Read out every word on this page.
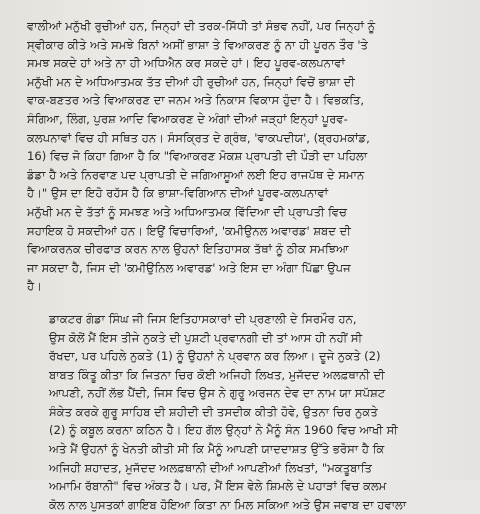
ਵਾਲੀਆਂ ਮਨੁੱਖੀ ਰੁਚੀਆਂ ਹਨ, ਜਿਨ੍ਹਾਂ ਦੀ ਤਰਕ-ਸਿੱਧੀ ਤਾਂ ਸੰਭਵ ਨਹੀਂ, ਪਰ ਜਿਨ੍ਹਾਂ ਨੂੰ
ਸ੍ਵੀਕਾਰ ਕੀਤੇ ਅਤੇ ਸਮਝੇ ਬਿਨਾਂ ਅਸੀਂ ਭਾਸ਼ਾ ਤੇ ਵਿਆਕਰਣ ਨੂੰ ਨਾ ਹੀ ਪੂਰਨ ਤੌਰ 'ਤੇ
ਸਮਝ ਸਕਦੇ ਹਾਂ ਅਤੇ ਨਾ ਹੀ ਅਧਿਐਨ ਕਰ ਸਕਦੇ ਹਾਂ। ਇਹ ਪੂਰਵ-ਕਲਪਨਾਵਾਂ
ਮਨੁੱਖੀ ਮਨ ਦੇ ਅਧਿਆਤਮਕ ਤੱਤ ਦੀਆਂ ਹੀ ਰੁਚੀਆਂ ਹਨ, ਜਿਨ੍ਹਾਂ ਵਿਚੋਂ ਭਾਸ਼ਾ ਦੀ
ਵਾਕ-ਬਣਤਰ ਅਤੇ ਵਿਆਕਰਣ ਦਾ ਜਨਮ ਅਤੇ ਨਿਕਾਸ ਵਿਕਾਸ ਹੁੰਦਾ ਹੈ। ਵਿਭਕਤਿ,
ਸੰਗਿਆ, ਲਿੰਗ, ਪੁਰਸ਼ ਆਦਿ ਵਿਆਕਰਣ ਦੇ ਅੰਗਾਂ ਦੀਆਂ ਜੜ੍ਹਾਂ ਇਨ੍ਹਾਂ ਪੂਰਵ-
ਕਲਪਨਾਵਾਂ ਵਿਚ ਹੀ ਸਥਿਤ ਹਨ। ਸੰਸਕ੍ਰਿਤ ਦੇ ਗ੍ਰੰਥ, 'ਵਾਕਪਦੀਯ', (ਬ੍ਰਹਮਕਾਂਡ,
16) ਵਿਚ ਜੋ ਕਿਹਾ ਗਿਆ ਹੈ ਕਿ "ਵਿਆਕਰਣ ਮੋਕਸ਼ ਪ੍ਰਾਪਤੀ ਦੀ ਪੌੜੀ ਦਾ ਪਹਿਲਾ
ਡੰਡਾ ਹੈ ਅਤੇ ਨਿਰਵਾਣ ਪਦ ਪ੍ਰਾਪਤੀ ਦੇ ਜਗਿਆਸੂਆਂ ਲਈ ਇਹ ਰਾਜਪੱਥ ਦੇ ਸਮਾਨ
ਹੈ।" ਉਸ ਦਾ ਇਹੋ ਰਹੱਸ ਹੈ ਕਿ ਭਾਸ਼ਾ-ਵਿਗਿਆਨ ਦੀਆਂ ਪੂਰਵ-ਕਲਪਨਾਵਾਂ
ਮਨੁੱਖੀ ਮਨ ਦੇ ਤੱਤਾਂ ਨੂੰ ਸਮਝਣ ਅਤੇ ਅਧਿਆਤਮਕ ਵਿੱਦਿਆ ਦੀ ਪ੍ਰਾਪਤੀ ਵਿਚ
ਸਹਾਇਕ ਹੋ ਸਕਦੀਆਂ ਹਨ। ਇਉਂ ਵਿਚਾਰਿਆਂ, 'ਕਮੀਉਨਲ ਅਵਾਰਡ' ਸ਼ਬਦ ਦੀ
ਵਿਆਕਰਨਕ ਚੀਰਫਾੜ ਕਰਨ ਨਾਲ ਉਹਨਾਂ ਇਤਿਹਾਸਕ ਤੱਥਾਂ ਨੂੰ ਠੀਕ ਸਮਝਿਆ
ਜਾ ਸਕਦਾ ਹੈ, ਜਿਸ ਦੀ 'ਕਮੀਉਨਿਲ ਅਵਾਰਡ' ਅਤੇ ਇਸ ਦਾ ਅੰਗਾ ਪਿੱਛਾ ਉਪਜ
ਹੈ।

ਡਾਕਟਰ ਗੰਡਾ ਸਿੰਘ ਜੀ ਜਿਸ ਇਤਿਹਾਸਕਾਰਾਂ ਦੀ ਪ੍ਰਣਾਲੀ ਦੇ ਸਿਰਮੌਰ ਹਨ,
ਉਸ ਕੋਲੋਂ ਮੈਂ ਇਸ ਤੀਜੇ ਨੁਕਤੇ ਦੀ ਪੁਸ਼ਟੀ ਪ੍ਰਵਾਨਗੀ ਦੀ ਤਾਂ ਆਸ ਹੀ ਨਹੀਂ ਸੀ
ਰੱਖਦਾ, ਪਰ ਪਹਿਲੇ ਨੁਕਤੇ (1) ਨੂੰ ਉਹਨਾਂ ਨੇ ਪ੍ਰਵਾਨ ਕਰ ਲਿਆ। ਦੂਜੇ ਨੁਕਤੇ (2)
ਬਾਬਤ ਕਿੰਤੂ ਕੀਤਾ ਕਿ ਜਿਤਨਾ ਚਿਰ ਕੋਈ ਅਜਿਹੀ ਲਿਖਤ, ਮੁਜੱਦਦ ਅਲਫ਼ਥਾਨੀ ਦੀ
ਆਪਣੀ, ਨਹੀਂ ਲੱਭ ਪੈਂਦੀ, ਜਿਸ ਵਿਚ ਉਸ ਨੇ ਗੁਰੂ ਅਰਜਨ ਦੇਵ ਦਾ ਨਾਮ ਯਾ ਸਪੱਸ਼ਟ
ਸੰਕੇਤ ਕਰਕੇ ਗੁਰੂ ਸਾਹਿਬ ਦੀ ਸ਼ਹੀਦੀ ਦੀ ਤਸਦੀਕ ਕੀਤੀ ਹੋਵੇ, ਉਤਨਾ ਚਿਰ ਨੁਕਤੇ
(2) ਨੂੰ ਕਬੂਲ ਕਰਨਾ ਕਠਿਨ ਹੈ। ਇਹ ਗੱਲ ਉਨ੍ਹਾਂ ਨੇ ਮੈਨੂੰ ਸੰਨ 1960 ਵਿਚ ਆਖੀ ਸੀ
ਅਤੇ ਮੈਂ ਉਹਨਾਂ ਨੂੰ ਖੇਨਤੀ ਕੀਤੀ ਸੀ ਕਿ ਮੈਨੂੰ ਆਪਣੀ ਯਾਦਦਾਸ਼ਤ ਉੱਤੇ ਭਰੋਸਾ ਹੈ ਕਿ
ਅਜਿਹੀ ਸ਼ਹਾਦਤ, ਮੁਜੱਦਦ ਅਲਫ਼ਥਾਨੀ ਦੀਆਂ ਆਪਣੀਆਂ ਲਿਖਤਾਂ, "ਮਕਤੂਬਾਤਿ
ਅਮਾਮਿ ਰੱਬਾਨੀ" ਵਿਚ ਅੰਕਤ ਹੈ। ਪਰ, ਮੈਂ ਇਸ ਵੇਲੇ ਸ਼ਿਮਲੇ ਦੇ ਪਹਾੜਾਂ ਵਿਚ ਕਲਮ
ਕੋਲ ਨਾਲ ਪੁਸਤਕਾਂ ਗਾਇਬ ਹੋਇਆ ਕਿਤਾ ਨਾ ਮਿਲ ਸਕਿਆ ਅਤੇ ਉਸ ਜਵਾਬ ਦਾ ਹਵਾਲਾ
